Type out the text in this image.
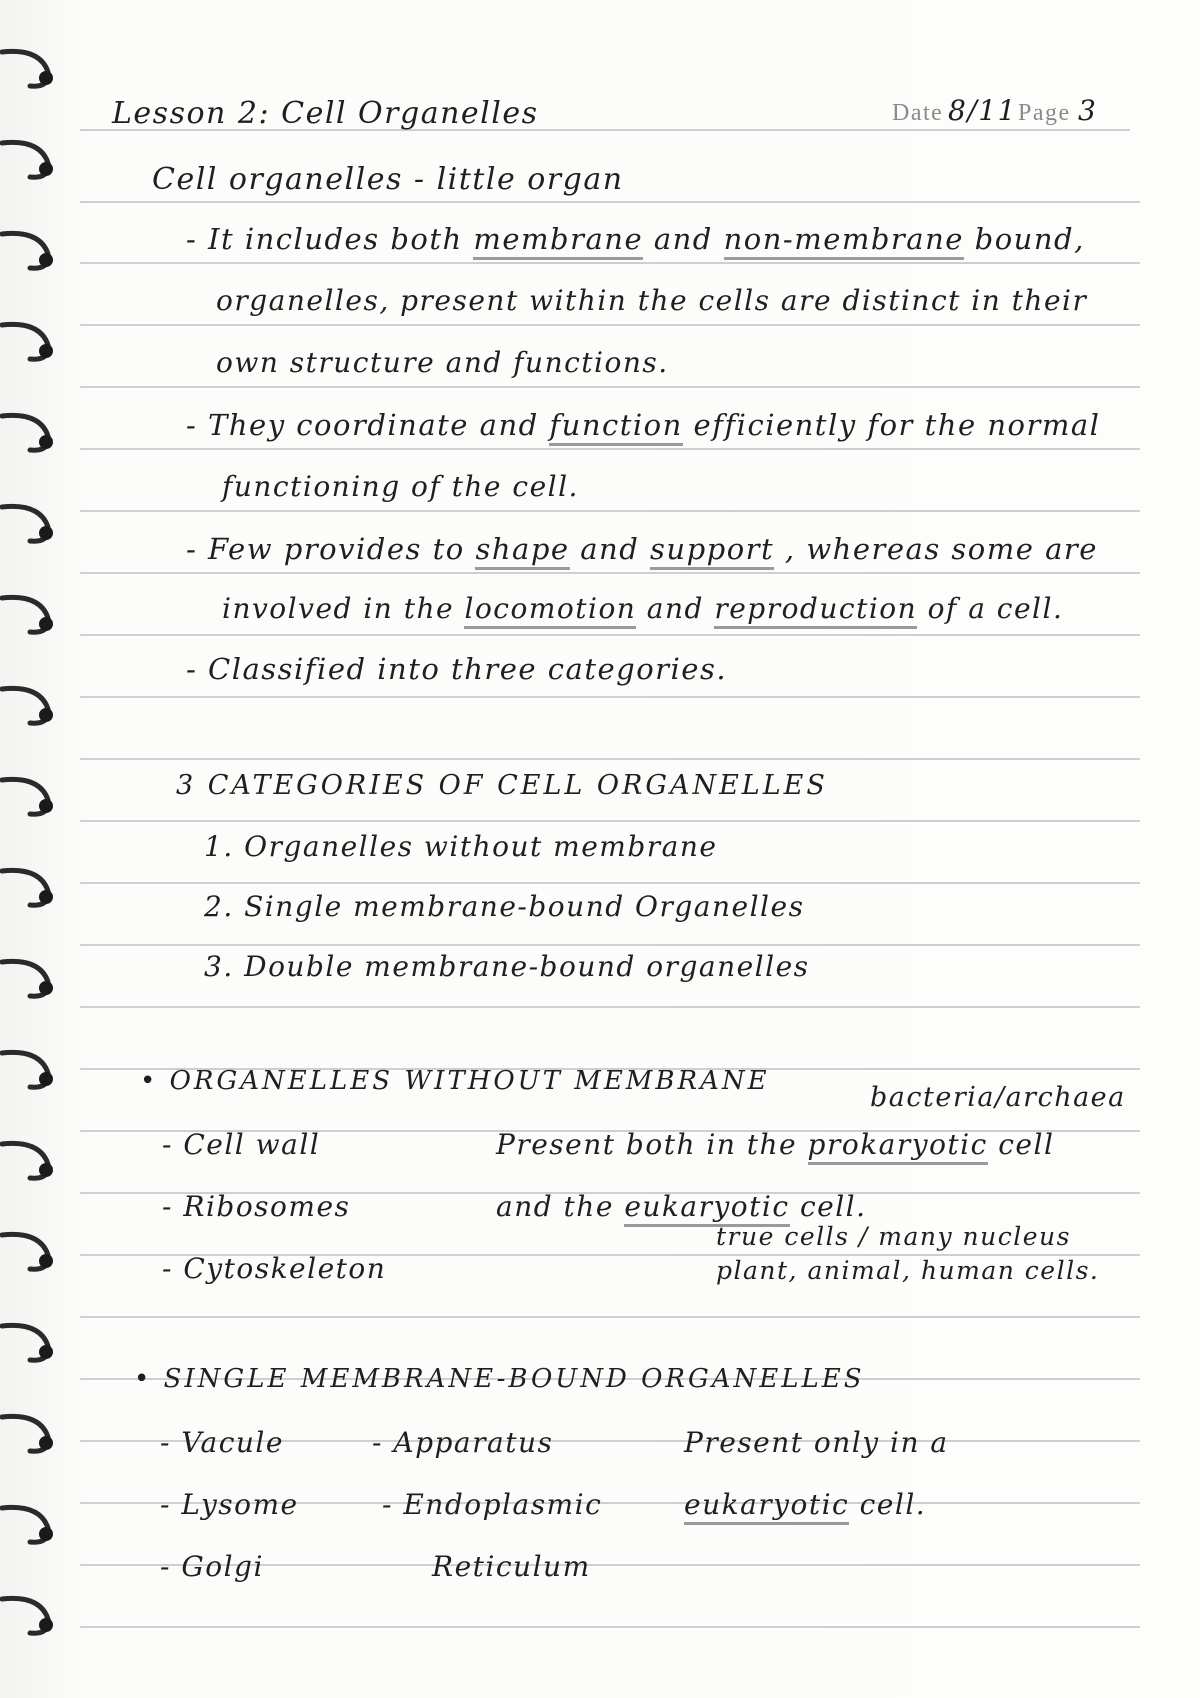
Lesson 2: Cell Organelles	Date 8/11 Page 3
Cell organelles - little organ
- It includes both membrane and non-membrane bound,
organelles, present within the cells are distinct in their
own structure and functions.
- They coordinate and function efficiently for the normal
functioning of the cell.
- Few provides to shape and support , whereas some are
involved in the locomotion and reproduction of a cell.
- Classified into three categories.
3 CATEGORIES OF CELL ORGANELLES
1. Organelles without membrane
2. Single membrane-bound Organelles
3. Double membrane-bound organelles
• ORGANELLES WITHOUT MEMBRANE
bacteria/archaea
- Cell wall
- Ribosomes
- Cytoskeleton
Present both in the prokaryotic cell
and the eukaryotic cell.
true cells / many nucleus
plant, animal, human cells.
• SINGLE MEMBRANE-BOUND ORGANELLES
- Vacule
- Lysome
- Golgi
- Apparatus
- Endoplasmic
Reticulum
Present only in a
eukaryotic cell.
